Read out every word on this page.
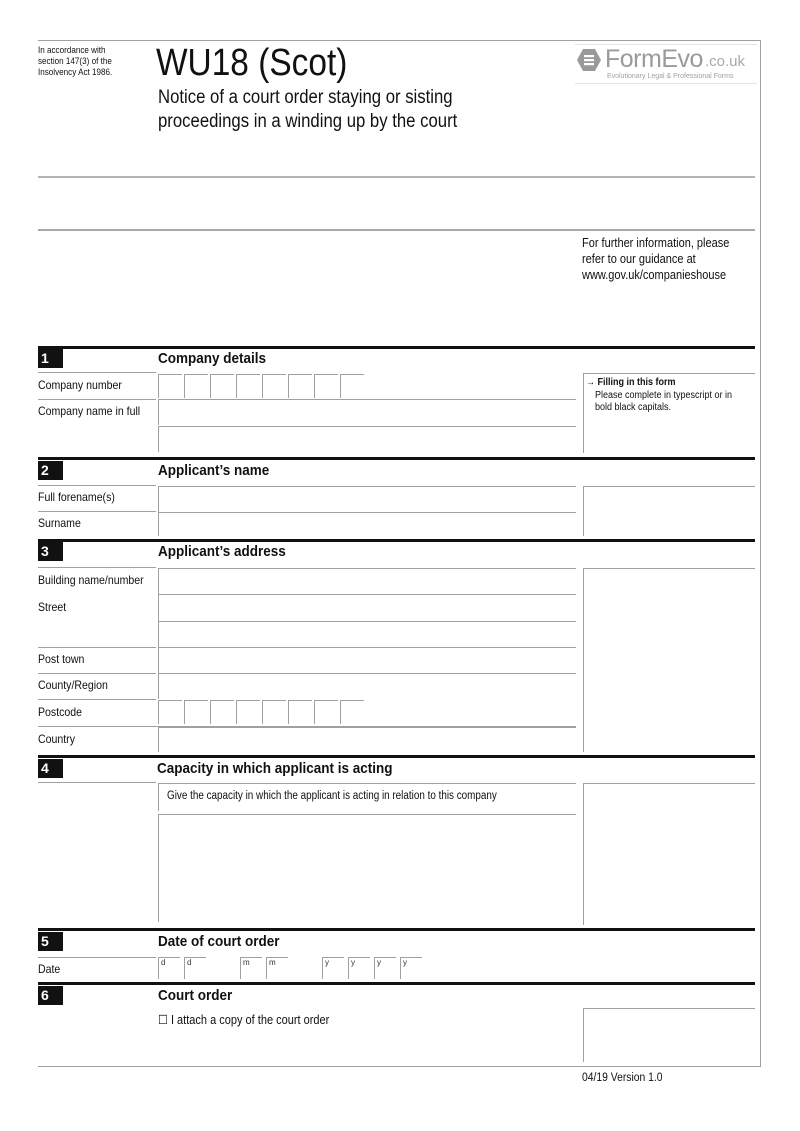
In accordance with
section 147(3) of the
Insolvency Act 1986. WU18 (Scot)
Notice of a court order staying or sisting
proceedings in a winding up by the court
FormEvo .co.uk
Evolutionary Legal & Professional Forms
For further information, please
refer to our guidance at
www.gov.uk/companieshouse
1	Company details
Company number
Company name in full
→ Filling in this form
Please complete in typescript or in
bold black capitals.
2	Applicant’s name
Full forename(s)
Surname
3	Applicant’s address
Building name/number
Street
Post town
County/Region
Postcode
Country
4	Capacity in which applicant is acting
Give the capacity in which the applicant is acting in relation to this company
5	Date of court order
Date	d	d	m	m	y	y	y	y
6	Court order
☐ I attach a copy of the court order
04/19 Version 1.0
